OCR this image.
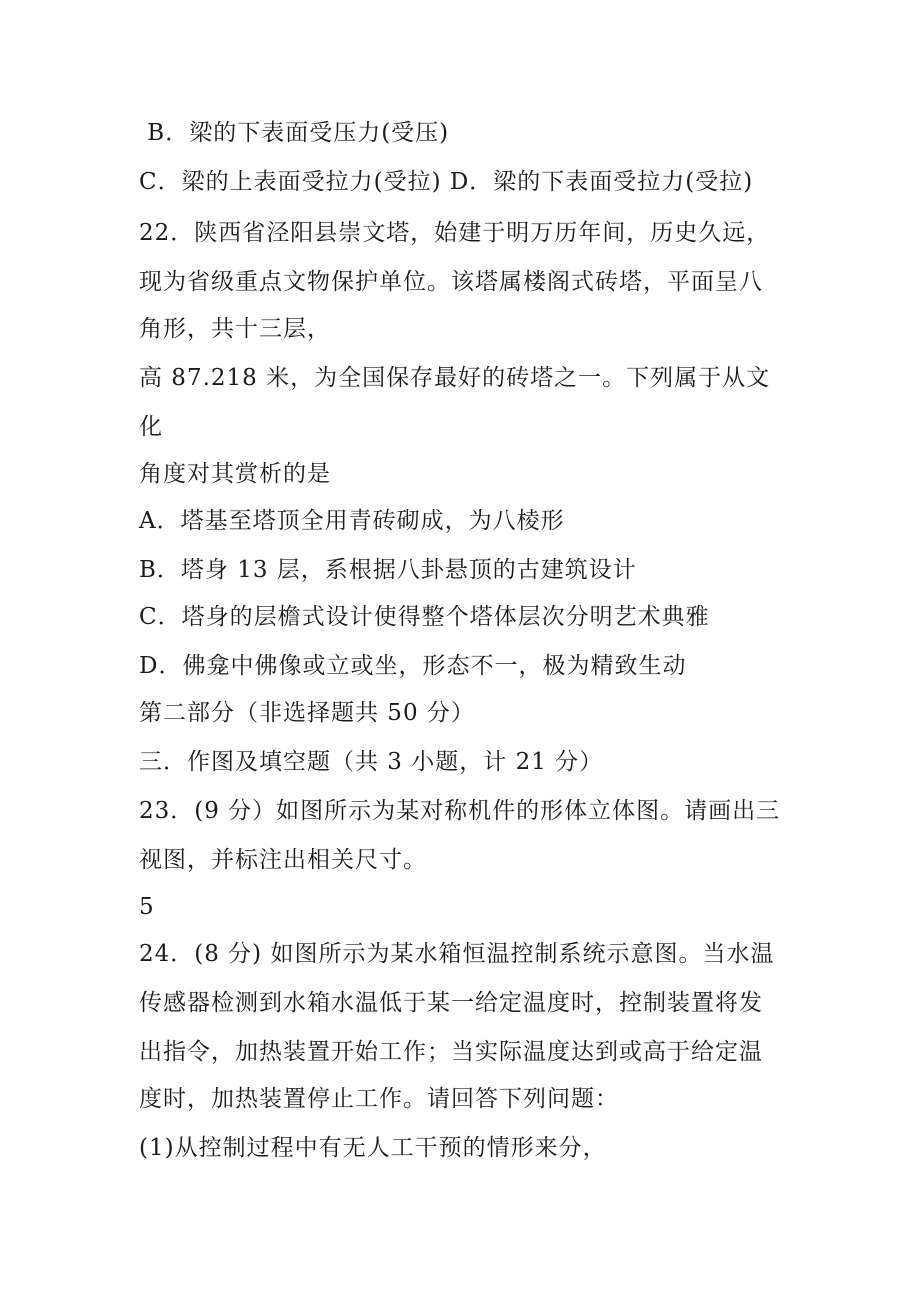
B．梁的下表面受压力(受压)
C．梁的上表面受拉力(受拉) D．梁的下表面受拉力(受拉)
22．陕西省泾阳县崇文塔，始建于明万历年间，历史久远，
现为省级重点文物保护单位。该塔属楼阁式砖塔，平面呈八
角形，共十三层，
高 87.218 米，为全国保存最好的砖塔之一。下列属于从文
化
角度对其赏析的是
A．塔基至塔顶全用青砖砌成，为八棱形
B．塔身 13 层，系根据八卦悬顶的古建筑设计
C．塔身的层檐式设计使得整个塔体层次分明艺术典雅
D．佛龛中佛像或立或坐，形态不一，极为精致生动
第二部分（非选择题共 50 分）
三．作图及填空题（共 3 小题，计 21 分）
23．(9 分）如图所示为某对称机件的形体立体图。请画出三
视图，并标注出相关尺寸。
5
24．(8 分) 如图所示为某水箱恒温控制系统示意图。当水温
传感器检测到水箱水温低于某一给定温度时，控制装置将发
出指令，加热装置开始工作；当实际温度达到或高于给定温
度时，加热装置停止工作。请回答下列问题：
(1)从控制过程中有无人工干预的情形来分，
